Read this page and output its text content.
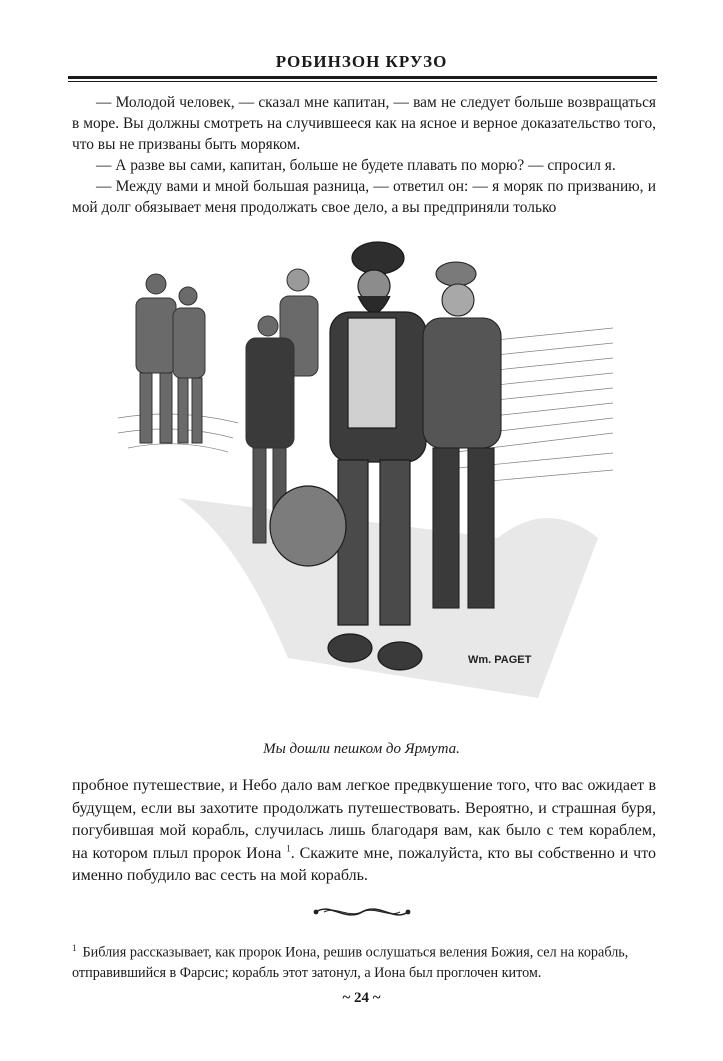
РОБИНЗОН КРУЗО

— Молодой человек, — сказал мне капитан, — вам не следует больше возвращаться в море. Вы должны смотреть на случившееся как на ясное и верное доказательство того, что вы не призваны быть моряком.

— А разве вы сами, капитан, больше не будете плавать по морю? — спросил я.

— Между вами и мной большая разница, — ответил он: — я моряк по призванию, и мой долг обязывает меня продолжать свое дело, а вы предприняли только

Wm. PAGET
Мы дошли пешком до Ярмута.

пробное путешествие, и Небо дало вам легкое предвкушение того, что вас ожидает в будущем, если вы захотите продолжать путешествовать. Вероятно, и страшная буря, погубившая мой корабль, случилась лишь благодаря вам, как было с тем кораблем, на котором плыл пророк Иона $^1$. Скажите мне, пожалуйста, кто вы собственно и что именно побудило вас сесть на мой корабль.

$^1$ Библия рассказывает, как пророк Иона, решив ослушаться веления Божия, сел на корабль, отправившийся в Фарсис; корабль этот затонул, а Иона был проглочен китом.
~ 24 ~
